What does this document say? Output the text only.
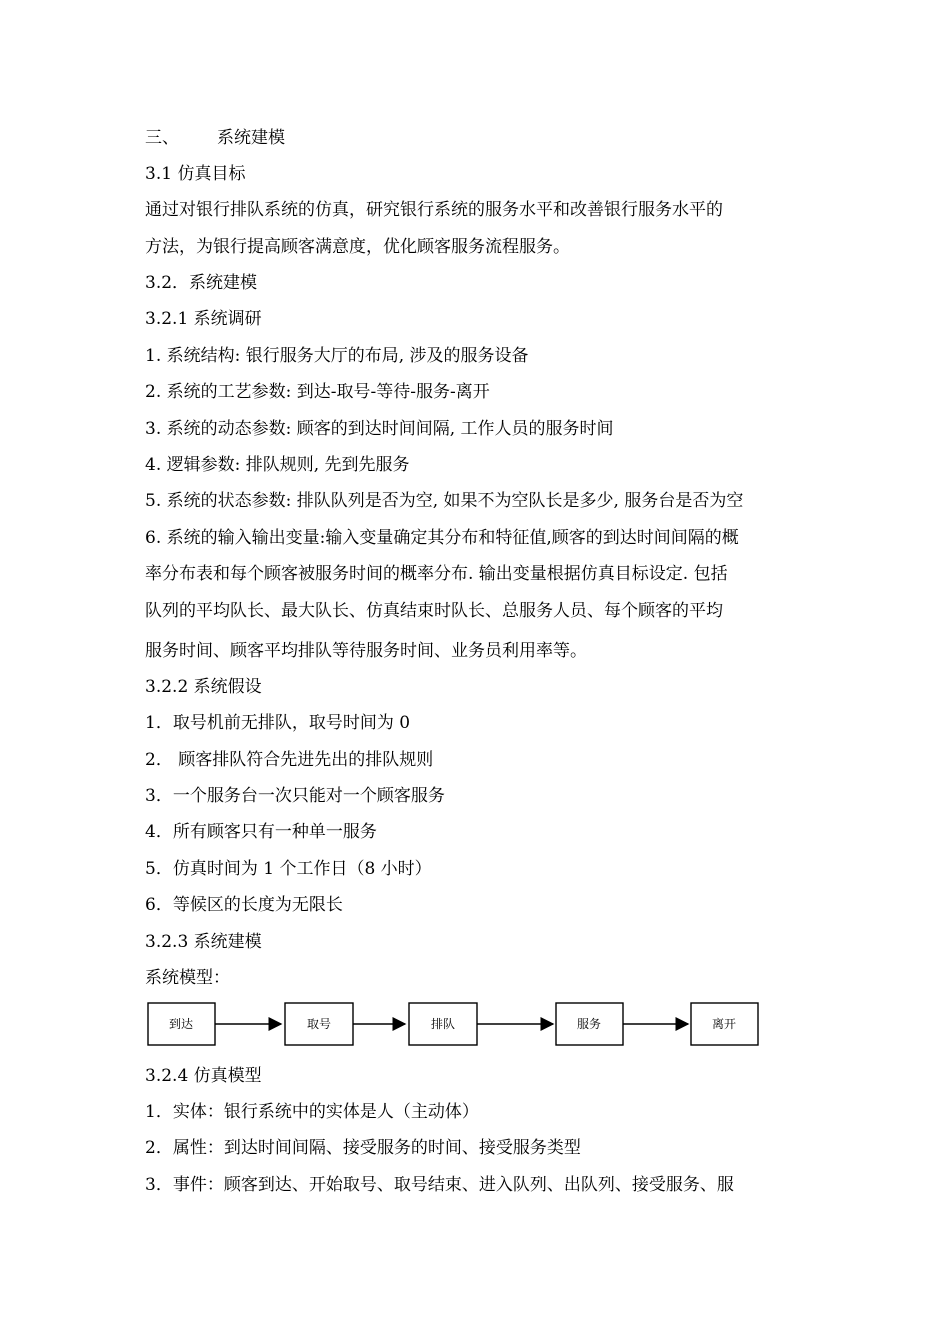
三、 系统建模
3.1 仿真目标
通过对银行排队系统的仿真，研究银行系统的服务水平和改善银行服务水平的
方法，为银行提高顾客满意度，优化顾客服务流程服务。
3.2．系统建模
3.2.1 系统调研
1. 系统结构: 银行服务大厅的布局, 涉及的服务设备
2. 系统的工艺参数: 到达-取号-等待-服务-离开
3. 系统的动态参数: 顾客的到达时间间隔, 工作人员的服务时间
4. 逻辑参数: 排队规则, 先到先服务
5. 系统的状态参数: 排队队列是否为空, 如果不为空队长是多少, 服务台是否为空
6. 系统的输入输出变量:输入变量确定其分布和特征值,顾客的到达时间间隔的概
率分布表和每个顾客被服务时间的概率分布. 输出变量根据仿真目标设定. 包括
队列的平均队长、最大队长、仿真结束时队长、总服务人员、每个顾客的平均
服务时间、顾客平均排队等待服务时间、业务员利用率等。
3.2.2 系统假设
1．取号机前无排队，取号时间为 0
2． 顾客排队符合先进先出的排队规则
3．一个服务台一次只能对一个顾客服务
4．所有顾客只有一种单一服务
5．仿真时间为 1 个工作日（8 小时）
6．等候区的长度为无限长
3.2.3 系统建模
系统模型：
到达	取号	排队	服务	离开
3.2.4 仿真模型
1．实体：银行系统中的实体是人（主动体）
2．属性：到达时间间隔、接受服务的时间、接受服务类型
3．事件：顾客到达、开始取号、取号结束、进入队列、出队列、接受服务、服
